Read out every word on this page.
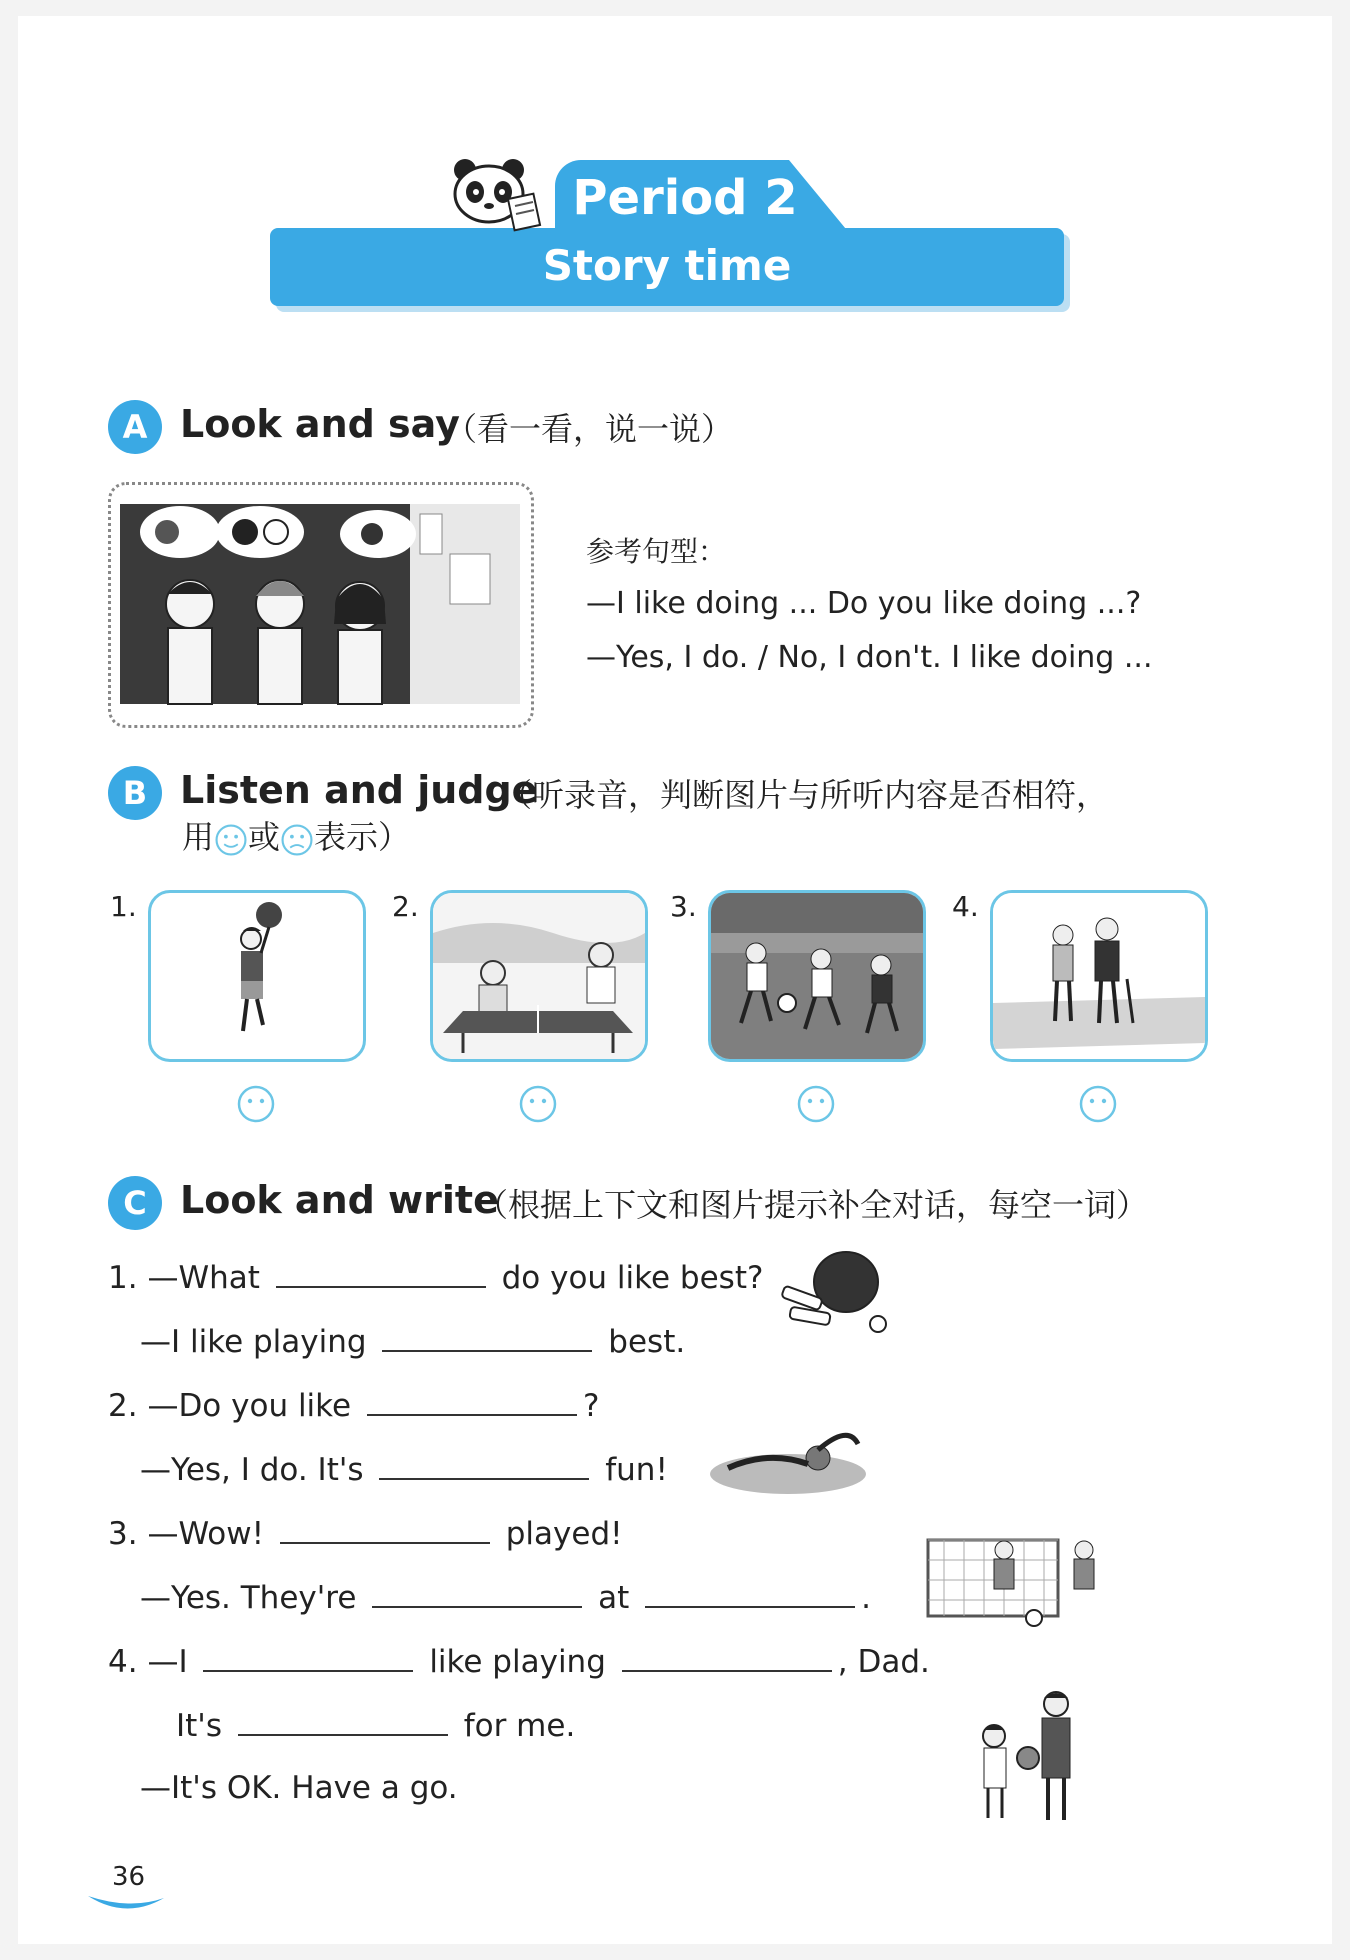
Period 2
Story time
A Look and say
（看一看，说一说）
参考句型：
—I like doing ... Do you like doing ...?
—Yes, I do. / No, I don't. I like doing ...
B Listen and judge
（听录音，判断图片与所听内容是否相符，
用 或 表示）
1.	2.	3.	4.
C Look and write
（根据上下文和图片提示补全对话，每空一词）
1. —What	do you like best?
—I like playing	best.
2. —Do you like	?
—Yes, I do. It's	fun!
3. —Wow!	played!
—Yes. They're	at	.
4. —I	like playing	, Dad.
It's	for me.
—It's OK. Have a go.
36
